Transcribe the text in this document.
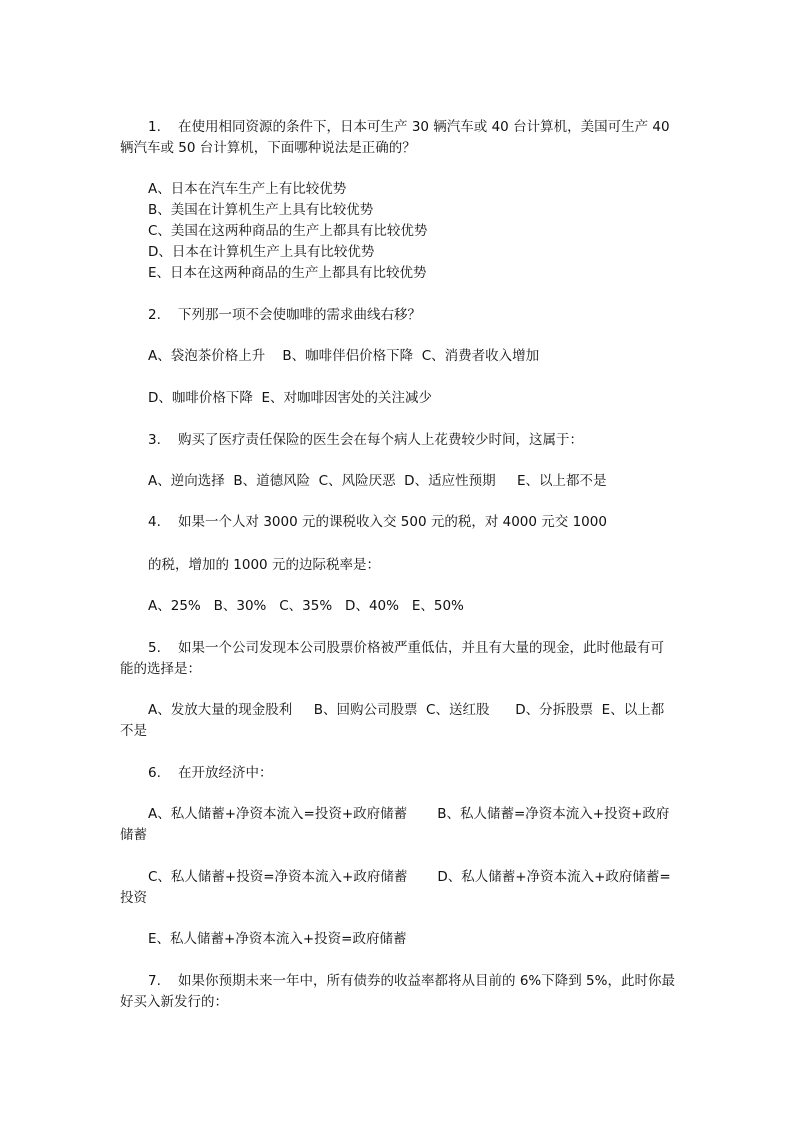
1.    在使用相同资源的条件下，日本可生产 30 辆汽车或 40 台计算机，美国可生产 40 辆汽车或 50 台计算机，下面哪种说法是正确的？

A、日本在汽车生产上有比较优势

B、美国在计算机生产上具有比较优势

C、美国在这两种商品的生产上都具有比较优势

D、日本在计算机生产上具有比较优势

E、日本在这两种商品的生产上都具有比较优势

2.    下列那一项不会使咖啡的需求曲线右移？

A、袋泡茶价格上升    B、咖啡伴侣价格下降  C、消费者收入增加

D、咖啡价格下降  E、对咖啡因害处的关注减少

3.    购买了医疗责任保险的医生会在每个病人上花费较少时间，这属于：

A、逆向选择  B、道德风险  C、风险厌恶  D、适应性预期     E、以上都不是

4.    如果一个人对 3000 元的课税收入交 500 元的税，对 4000 元交 1000

的税，增加的 1000 元的边际税率是：

A、25%   B、30%   C、35%   D、40%   E、50%

5.    如果一个公司发现本公司股票价格被严重低估，并且有大量的现金，此时他最有可能的选择是：

A、发放大量的现金股利     B、回购公司股票  C、送红股      D、分拆股票  E、以上都不是

6.    在开放经济中：

A、私人储蓄+净资本流入=投资+政府储蓄       B、私人储蓄=净资本流入+投资+政府储蓄

C、私人储蓄+投资=净资本流入+政府储蓄       D、私人储蓄+净资本流入+政府储蓄=投资

E、私人储蓄+净资本流入+投资=政府储蓄

7.    如果你预期未来一年中，所有债券的收益率都将从目前的 6%下降到 5%，此时你最好买入新发行的：
